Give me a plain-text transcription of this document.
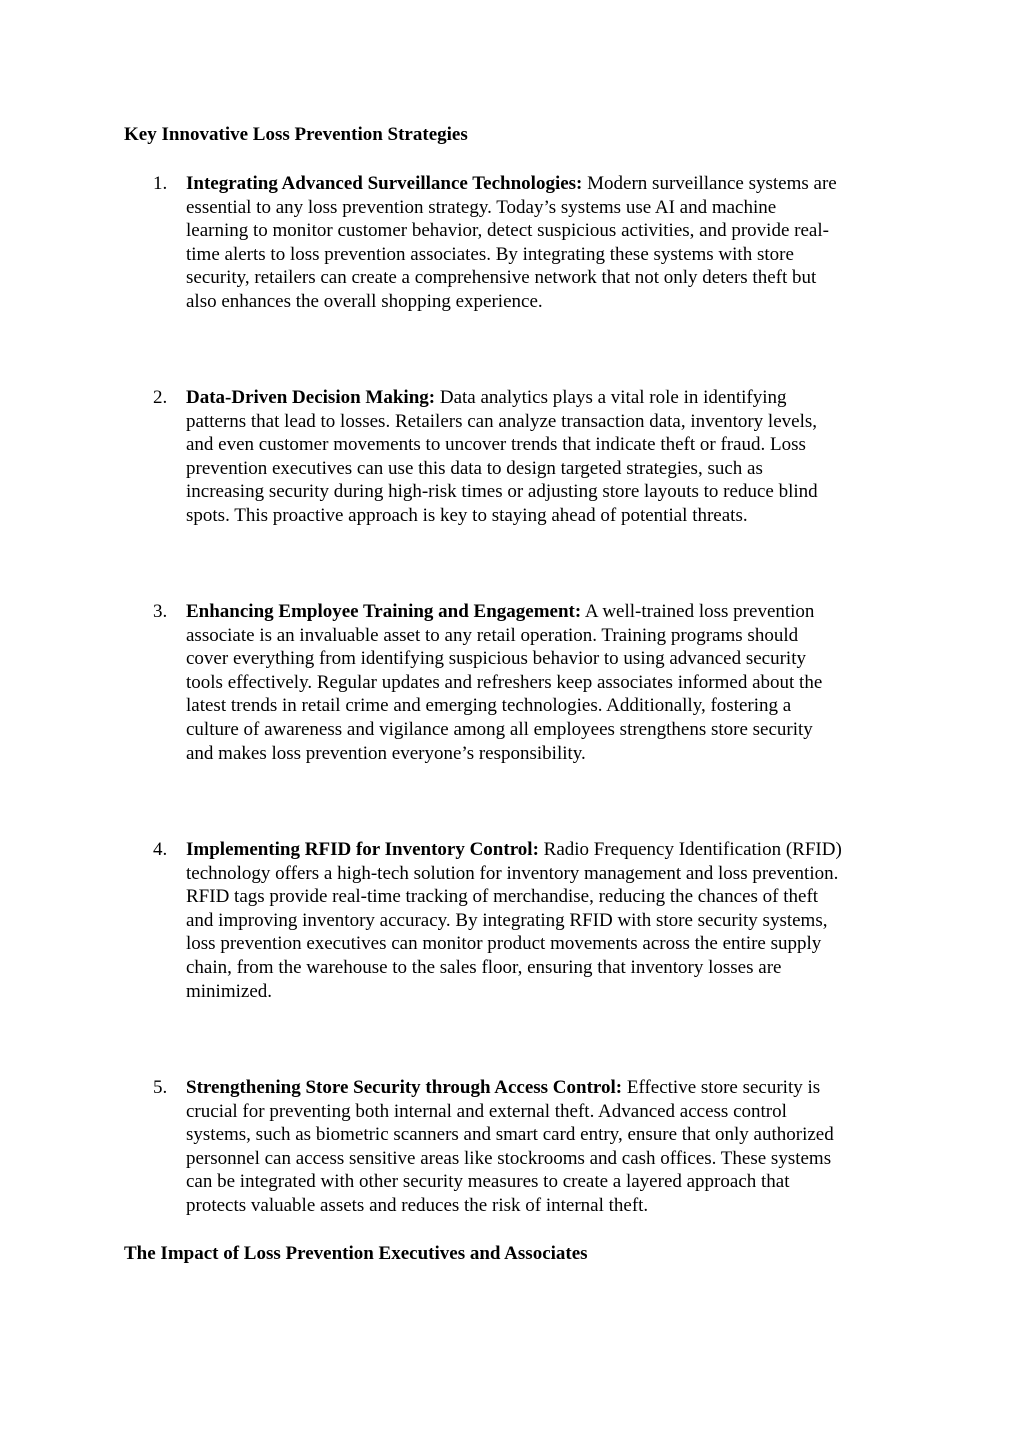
Key Innovative Loss Prevention Strategies
1. Integrating Advanced Surveillance Technologies: Modern surveillance systems are
essential to any loss prevention strategy. Today’s systems use AI and machine
learning to monitor customer behavior, detect suspicious activities, and provide real-
time alerts to loss prevention associates. By integrating these systems with store
security, retailers can create a comprehensive network that not only deters theft but
also enhances the overall shopping experience.
2. Data-Driven Decision Making: Data analytics plays a vital role in identifying
patterns that lead to losses. Retailers can analyze transaction data, inventory levels,
and even customer movements to uncover trends that indicate theft or fraud. Loss
prevention executives can use this data to design targeted strategies, such as
increasing security during high-risk times or adjusting store layouts to reduce blind
spots. This proactive approach is key to staying ahead of potential threats.
3. Enhancing Employee Training and Engagement: A well-trained loss prevention
associate is an invaluable asset to any retail operation. Training programs should
cover everything from identifying suspicious behavior to using advanced security
tools effectively. Regular updates and refreshers keep associates informed about the
latest trends in retail crime and emerging technologies. Additionally, fostering a
culture of awareness and vigilance among all employees strengthens store security
and makes loss prevention everyone’s responsibility.
4. Implementing RFID for Inventory Control: Radio Frequency Identification (RFID)
technology offers a high-tech solution for inventory management and loss prevention.
RFID tags provide real-time tracking of merchandise, reducing the chances of theft
and improving inventory accuracy. By integrating RFID with store security systems,
loss prevention executives can monitor product movements across the entire supply
chain, from the warehouse to the sales floor, ensuring that inventory losses are
minimized.
5. Strengthening Store Security through Access Control: Effective store security is
crucial for preventing both internal and external theft. Advanced access control
systems, such as biometric scanners and smart card entry, ensure that only authorized
personnel can access sensitive areas like stockrooms and cash offices. These systems
can be integrated with other security measures to create a layered approach that
protects valuable assets and reduces the risk of internal theft.
The Impact of Loss Prevention Executives and Associates
